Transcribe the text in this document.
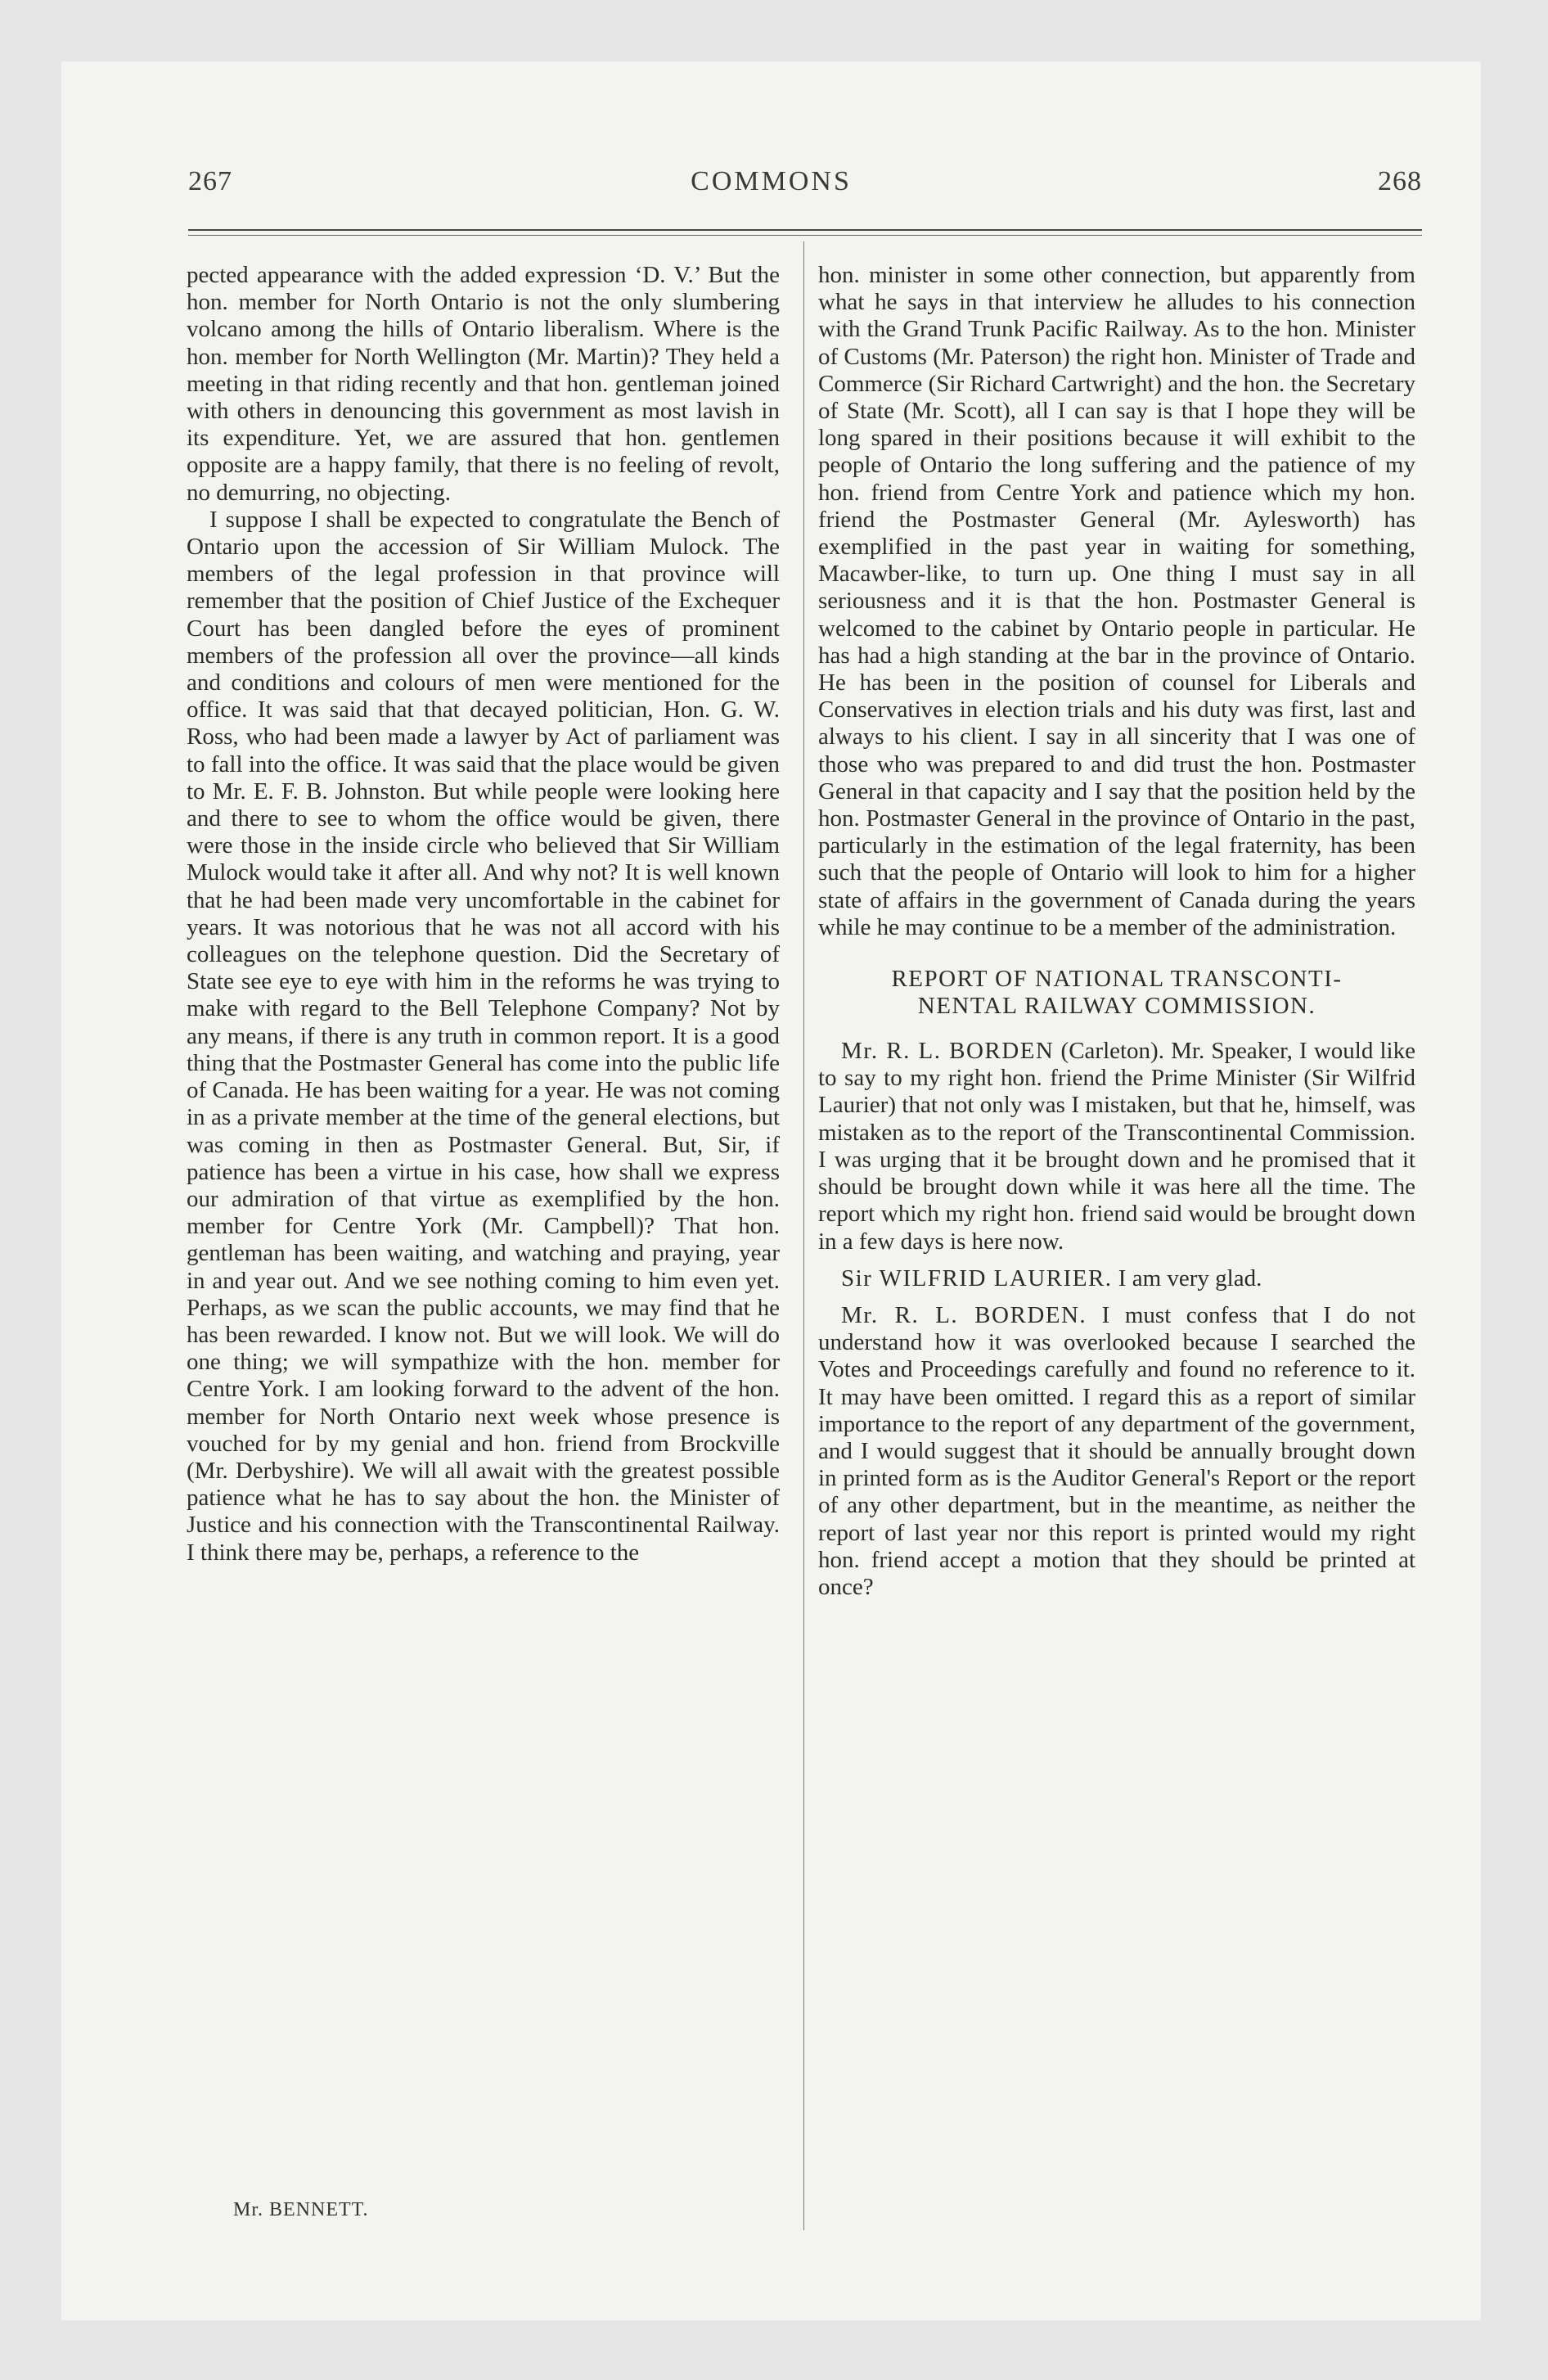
267	COMMONS	268

pected appearance with the added expression ‘D. V.’ But the hon. member for North Ontario is not the only slumbering volcano among the hills of Ontario liberalism. Where is the hon. member for North Wellington (Mr. Martin)? They held a meeting in that riding recently and that hon. gentleman joined with others in denouncing this government as most lavish in its expenditure. Yet, we are assured that hon. gentlemen opposite are a happy family, that there is no feeling of revolt, no demurring, no objecting.

I suppose I shall be expected to congratulate the Bench of Ontario upon the accession of Sir William Mulock. The members of the legal profession in that province will remember that the position of Chief Justice of the Exchequer Court has been dangled before the eyes of prominent members of the profession all over the province—all kinds and conditions and colours of men were mentioned for the office. It was said that that decayed politician, Hon. G. W. Ross, who had been made a lawyer by Act of parliament was to fall into the office. It was said that the place would be given to Mr. E. F. B. Johnston. But while people were looking here and there to see to whom the office would be given, there were those in the inside circle who believed that Sir William Mulock would take it after all. And why not? It is well known that he had been made very uncomfortable in the cabinet for years. It was notorious that he was not all accord with his colleagues on the telephone question. Did the Secretary of State see eye to eye with him in the reforms he was trying to make with regard to the Bell Telephone Company? Not by any means, if there is any truth in common report. It is a good thing that the Postmaster General has come into the public life of Canada. He has been waiting for a year. He was not coming in as a private member at the time of the general elections, but was coming in then as Postmaster General. But, Sir, if patience has been a virtue in his case, how shall we express our admiration of that virtue as exemplified by the hon. member for Centre York (Mr. Campbell)? That hon. gentleman has been waiting, and watching and praying, year in and year out. And we see nothing coming to him even yet. Perhaps, as we scan the public accounts, we may find that he has been rewarded. I know not. But we will look. We will do one thing; we will sympathize with the hon. member for Centre York. I am looking forward to the advent of the hon. member for North Ontario next week whose presence is vouched for by my genial and hon. friend from Brockville (Mr. Derbyshire). We will all await with the greatest possible patience what he has to say about the hon. the Minister of Justice and his connection with the Transcontinental Railway. I think there may be, perhaps, a reference to the

Mr. BENNETT.

hon. minister in some other connection, but apparently from what he says in that interview he alludes to his connection with the Grand Trunk Pacific Railway. As to the hon. Minister of Customs (Mr. Paterson) the right hon. Minister of Trade and Commerce (Sir Richard Cartwright) and the hon. the Secretary of State (Mr. Scott), all I can say is that I hope they will be long spared in their positions because it will exhibit to the people of Ontario the long suffering and the patience of my hon. friend from Centre York and patience which my hon. friend the Postmaster General (Mr. Aylesworth) has exemplified in the past year in waiting for something, Macawber-like, to turn up. One thing I must say in all seriousness and it is that the hon. Postmaster General is welcomed to the cabinet by Ontario people in particular. He has had a high standing at the bar in the province of Ontario. He has been in the position of counsel for Liberals and Conservatives in election trials and his duty was first, last and always to his client. I say in all sincerity that I was one of those who was prepared to and did trust the hon. Postmaster General in that capacity and I say that the position held by the hon. Postmaster General in the province of Ontario in the past, particularly in the estimation of the legal fraternity, has been such that the people of Ontario will look to him for a higher state of affairs in the government of Canada during the years while he may continue to be a member of the administration.

REPORT OF NATIONAL TRANSCONTI-
NENTAL RAILWAY COMMISSION.

Mr. R. L. BORDEN (Carleton). Mr. Speaker, I would like to say to my right hon. friend the Prime Minister (Sir Wilfrid Laurier) that not only was I mistaken, but that he, himself, was mistaken as to the report of the Transcontinental Commission. I was urging that it be brought down and he promised that it should be brought down while it was here all the time. The report which my right hon. friend said would be brought down in a few days is here now.

Sir WILFRID LAURIER. I am very glad.

Mr. R. L. BORDEN. I must confess that I do not understand how it was overlooked because I searched the Votes and Proceedings carefully and found no reference to it. It may have been omitted. I regard this as a report of similar importance to the report of any department of the government, and I would suggest that it should be annually brought down in printed form as is the Auditor General's Report or the report of any other department, but in the meantime, as neither the report of last year nor this report is printed would my right hon. friend accept a motion that they should be printed at once?
